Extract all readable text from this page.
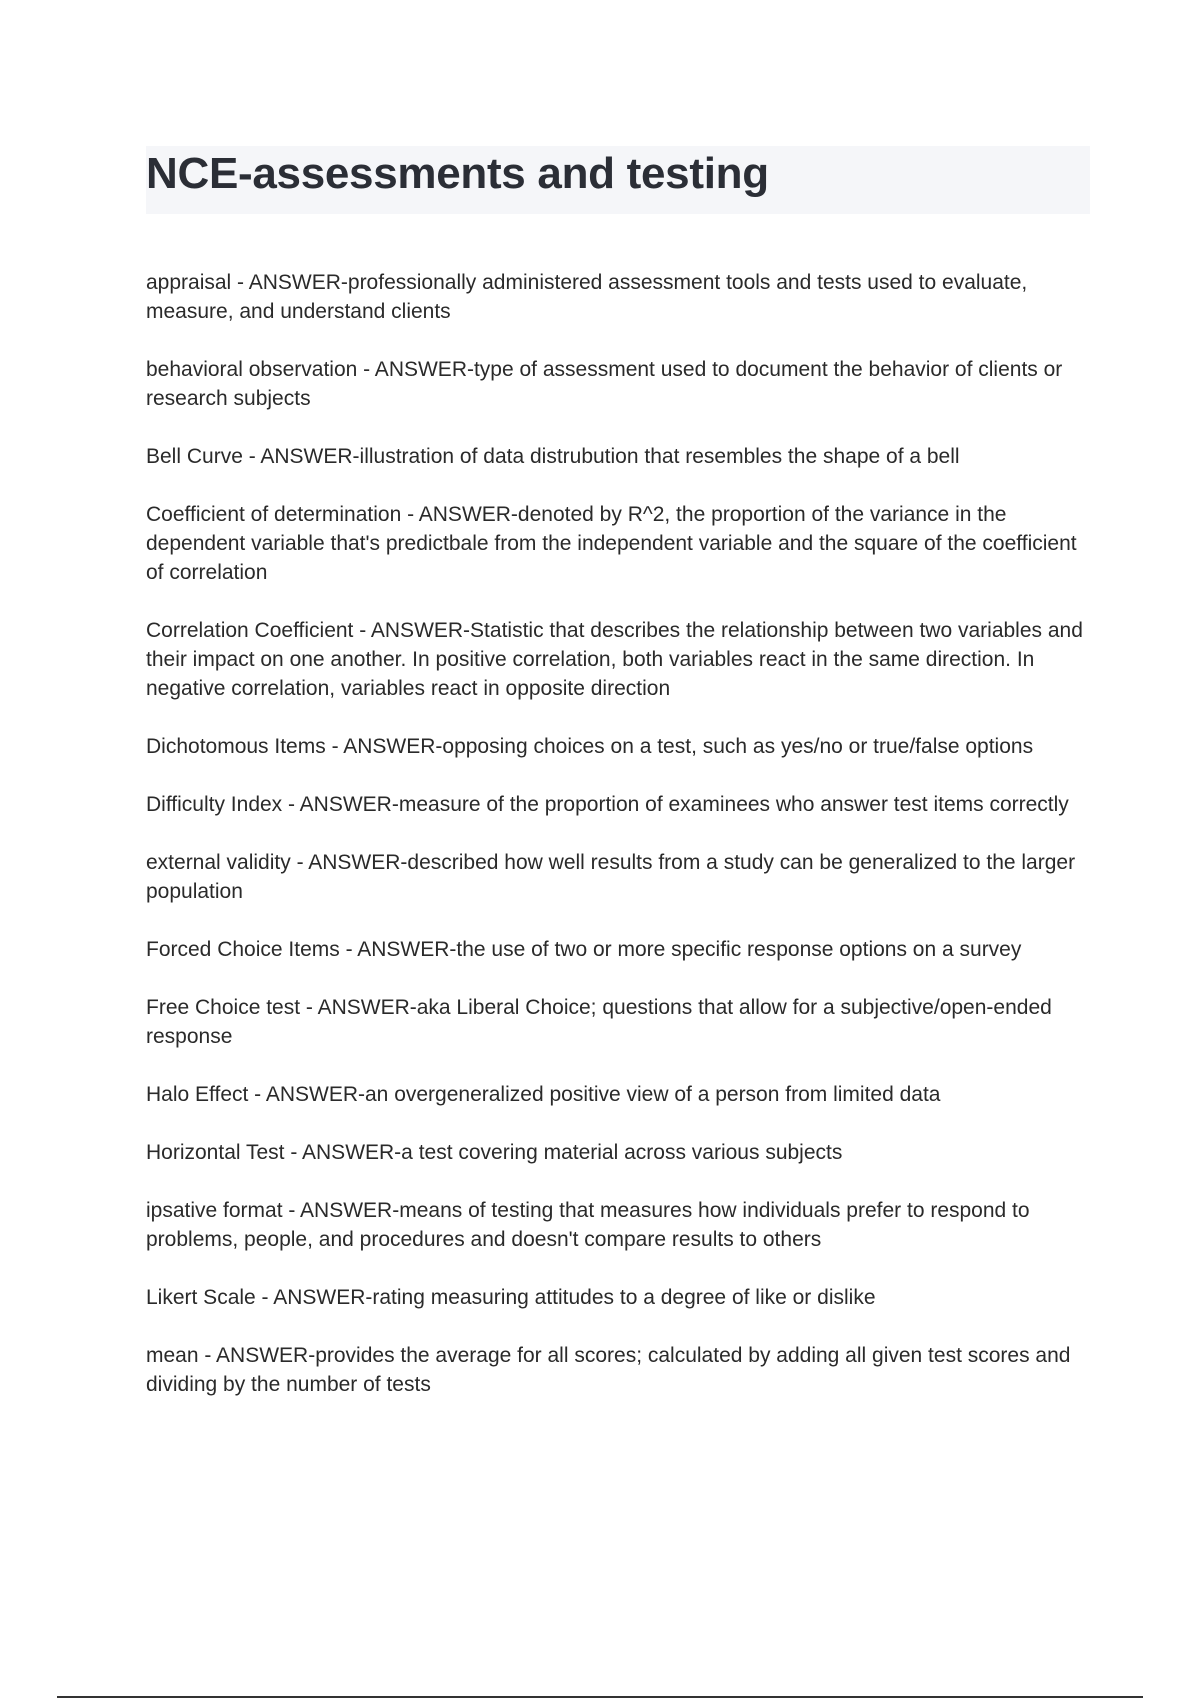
NCE-assessments and testing

appraisal - ANSWER-professionally administered assessment tools and tests used to evaluate, measure, and understand clients

behavioral observation - ANSWER-type of assessment used to document the behavior of clients or research subjects

Bell Curve - ANSWER-illustration of data distrubution that resembles the shape of a bell

Coefficient of determination - ANSWER-denoted by R^2, the proportion of the variance in the dependent variable that's predictbale from the independent variable and the square of the coefficient of correlation

Correlation Coefficient - ANSWER-Statistic that describes the relationship between two variables and their impact on one another. In positive correlation, both variables react in the same direction. In negative correlation, variables react in opposite direction

Dichotomous Items - ANSWER-opposing choices on a test, such as yes/no or true/false options

Difficulty Index - ANSWER-measure of the proportion of examinees who answer test items correctly

external validity - ANSWER-described how well results from a study can be generalized to the larger population

Forced Choice Items - ANSWER-the use of two or more specific response options on a survey

Free Choice test - ANSWER-aka Liberal Choice; questions that allow for a subjective/open-ended response

Halo Effect - ANSWER-an overgeneralized positive view of a person from limited data

Horizontal Test - ANSWER-a test covering material across various subjects

ipsative format - ANSWER-means of testing that measures how individuals prefer to respond to problems, people, and procedures and doesn't compare results to others

Likert Scale - ANSWER-rating measuring attitudes to a degree of like or dislike

mean - ANSWER-provides the average for all scores; calculated by adding all given test scores and dividing by the number of tests
